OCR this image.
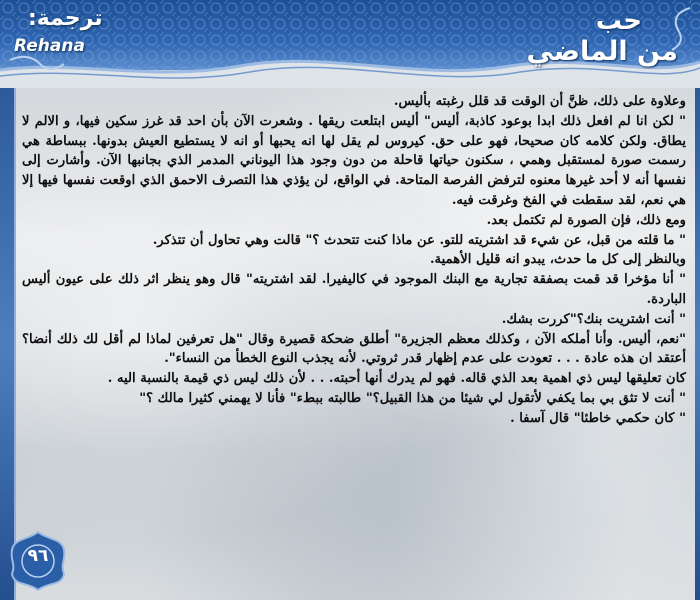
حب
من الماضي
ترجمة:
Rehana

وعلاوة على ذلك، ظنَّ أن الوقت قد قلل رغبته بأليس.

" لكن انا لم افعل ذلك ابدا بوعود كاذبة، أليس" أليس ابتلعت ريقها . وشعرت الآن بأن احد قد غرز سكين فيها، و الالم لا يطاق. ولكن كلامه كان صحيحا، فهو على حق. كيروس لم يقل لها انه يحبها أو انه لا يستطيع العيش بدونها. ببساطة هي رسمت صورة لمستقبل وهمي ، سكنون حياتها قاحلة من دون وجود هذا اليوناني المدمر الذي بجانبها الآن. وأشارت إلى نفسها أنه لا أحد غيرها معنوه لترفض الفرصة المتاحة. في الواقع، لن يؤذي هذا التصرف الاحمق الذي اوقعت نفسها فيها إلا هي نعم، لقد سقطت في الفخ وغرقت فيه.

ومع ذلك، فإن الصورة لم تكتمل بعد.

" ما قلته من قبل، عن شيء قد اشتريته للتو. عن ماذا كنت تتحدث ؟" قالت وهي تحاول أن تتذكر.

وبالنظر إلى كل ما حدث، يبدو انه قليل الأهمية.

" أنا مؤخرا قد قمت بصفقة تجارية مع البنك الموجود في كاليفيرا. لقد اشتريته" قال وهو ينظر اثر ذلك على عيون أليس الباردة.

" أنت اشتريت بنك؟"كررت بشك.

"نعم، أليس. وأنا أملكه الآن ، وكذلك معظم الجزيرة" أطلق ضحكة قصيرة وقال "هل تعرفين لماذا لم أقل لك ذلك أنضا؟ أعتقد ان هذه عادة . . . تعودت على عدم إظهار قدر ثروتي. لأنه يجذب النوع الخطأ من النساء".

كان تعليقها ليس ذي اهمية بعد الذي قاله. فهو لم يدرك أنها أحبته. . . لأن ذلك ليس ذي قيمة بالنسبة اليه .

" أنت لا تثق بي بما يكفي لأتقول لي شيئا من هذا القبيل؟" طالبته ببطء" فأنا لا يهمني كثيرا مالك ؟"

" كان حكمي خاطئا" قال آسفا .

٩٦
